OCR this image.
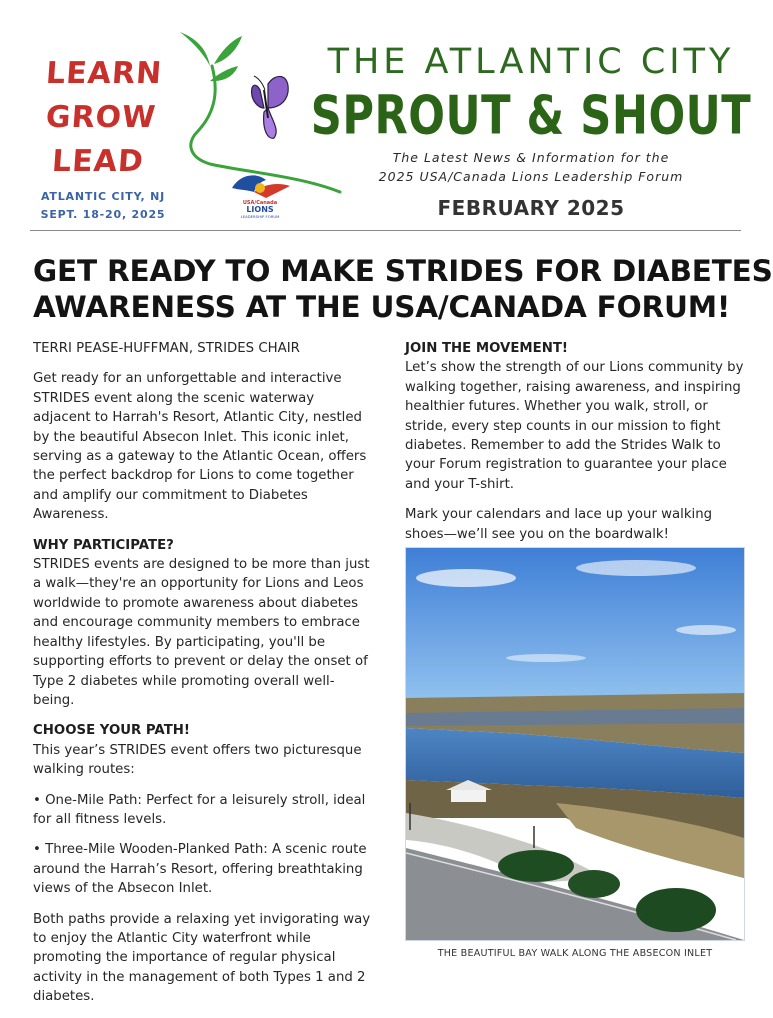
LEARN
GROW
LEAD
ATLANTIC CITY, NJ
SEPT. 18-20, 2025
USA/Canada
LIONS
LEADERSHIP FORUM
THE ATLANTIC CITY
SPROUT & SHOUT
The Latest News & Information for the
2025 USA/Canada Lions Leadership Forum
FEBRUARY 2025
GET READY TO MAKE STRIDES FOR DIABETES
AWARENESS AT THE USA/CANADA FORUM!

TERRI PEASE-HUFFMAN, STRIDES CHAIR

Get ready for an unforgettable and interactive STRIDES event along the scenic waterway adjacent to Harrah's Resort, Atlantic City, nestled by the beautiful Absecon Inlet. This iconic inlet, serving as a gateway to the Atlantic Ocean, offers the perfect backdrop for Lions to come together and amplify our commitment to Diabetes Awareness.

WHY PARTICIPATE?

STRIDES events are designed to be more than just a walk—they're an opportunity for Lions and Leos worldwide to promote awareness about diabetes and encourage community members to embrace healthy lifestyles. By participating, you'll be supporting efforts to prevent or delay the onset of Type 2 diabetes while promoting overall well-being.

CHOOSE YOUR PATH!

This year’s STRIDES event offers two picturesque walking routes:

• One-Mile Path: Perfect for a leisurely stroll, ideal for all fitness levels.

• Three-Mile Wooden-Planked Path: A scenic route around the Harrah’s Resort, offering breathtaking views of the Absecon Inlet.

Both paths provide a relaxing yet invigorating way to enjoy the Atlantic City waterfront while promoting the importance of regular physical activity in the management of both Types 1 and 2 diabetes.

JOIN THE MOVEMENT!

Let’s show the strength of our Lions community by walking together, raising awareness, and inspiring healthier futures. Whether you walk, stroll, or stride, every step counts in our mission to fight diabetes. Remember to add the Strides Walk to your Forum registration to guarantee your place and your T-shirt.

Mark your calendars and lace up your walking shoes—we’ll see you on the boardwalk!

THE BEAUTIFUL BAY WALK ALONG THE ABSECON INLET
